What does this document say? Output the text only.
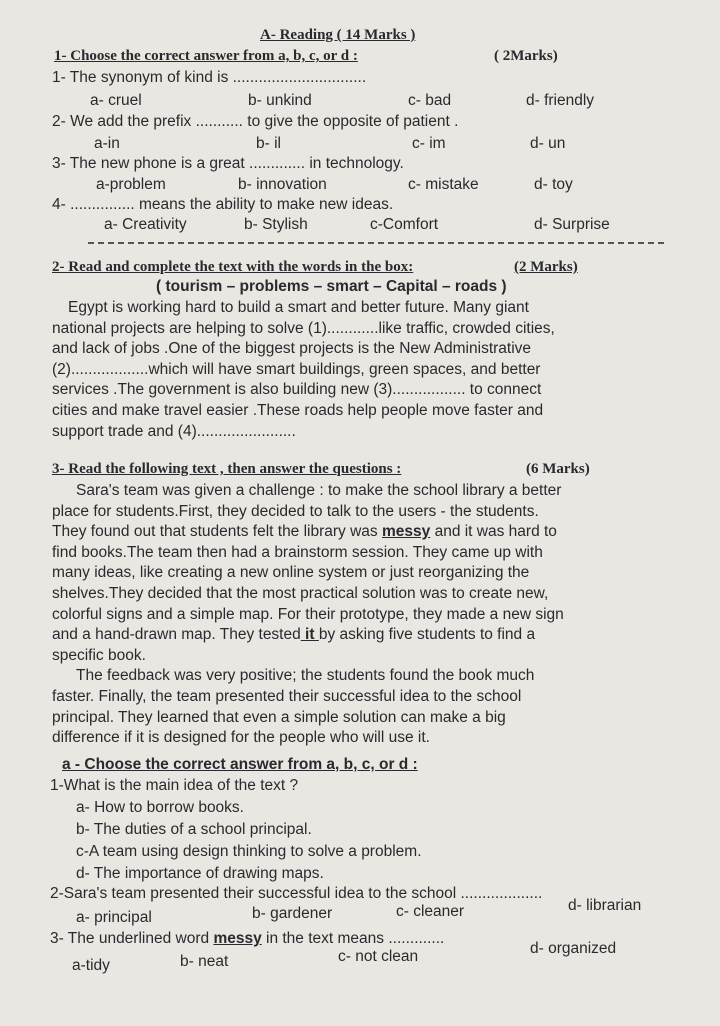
A- Reading ( 14 Marks )
1- Choose the correct answer from a, b, c, or d :	( 2Marks)
1- The synonym of kind is ...............................
a- cruel	b- unkind	c- bad	d- friendly
2- We add the prefix ........... to give the opposite of patient .
a-in	b- il	c- im	d- un
3- The new phone is a great ............. in technology.
a-problem	b- innovation	c- mistake	d- toy
4- ............... means the ability to make new ideas.
a- Creativity	b- Stylish	c-Comfort	d- Surprise
2- Read and complete the text with the words in the box:	(2 Marks)
( tourism – problems – smart – Capital – roads )
Egypt is working hard to build a smart and better future. Many giant
national projects are helping to solve (1)............like traffic, crowded cities,
and lack of jobs .One of the biggest projects is the New Administrative
(2)..................which will have smart buildings, green spaces, and better
services .The government is also building new (3)................. to connect
cities and make travel easier .These roads help people move faster and
support trade and (4).......................
3- Read the following text , then answer the questions :	(6 Marks)
Sara's team was given a challenge : to make the school library a better
place for students.First, they decided to talk to the users - the students.
They found out that students felt the library was messy and it was hard to
find books.The team then had a brainstorm session. They came up with
many ideas, like creating a new online system or just reorganizing the
shelves.They decided that the most practical solution was to create new,
colorful signs and a simple map. For their prototype, they made a new sign
and a hand-drawn map. They tested it by asking five students to find a
specific book.
The feedback was very positive; the students found the book much
faster. Finally, the team presented their successful idea to the school
principal. They learned that even a simple solution can make a big
difference if it is designed for the people who will use it.
a - Choose the correct answer from a, b, c, or d :
1-What is the main idea of the text ?
a- How to borrow books.
b- The duties of a school principal.
c-A team using design thinking to solve a problem.
d- The importance of drawing maps.
2-Sara's team presented their successful idea to the school ...................
a- principal	b- gardener	c- cleaner	d- librarian
3- The underlined word messy in the text means .............
a-tidy	b- neat	c- not clean	d- organized
